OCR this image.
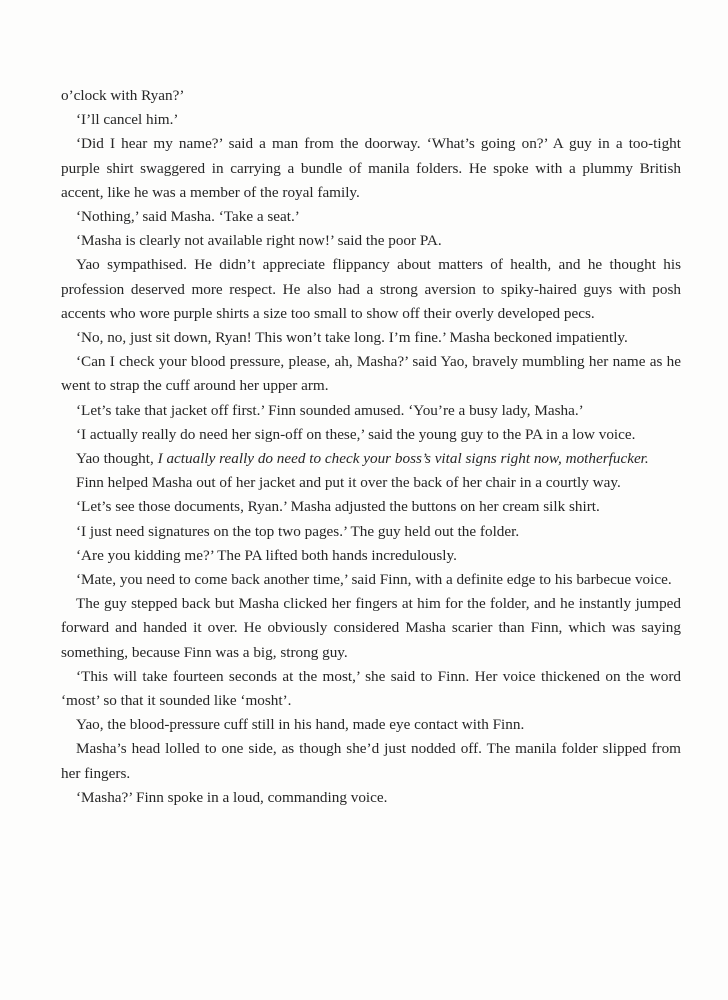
o’clock with Ryan?’

‘I’ll cancel him.’

‘Did I hear my name?’ said a man from the doorway. ‘What’s going on?’ A guy in a too-tight purple shirt swaggered in carrying a bundle of manila folders. He spoke with a plummy British accent, like he was a member of the royal family.

‘Nothing,’ said Masha. ‘Take a seat.’

‘Masha is clearly not available right now!’ said the poor PA.

Yao sympathised. He didn’t appreciate flippancy about matters of health, and he thought his profession deserved more respect. He also had a strong aversion to spiky-haired guys with posh accents who wore purple shirts a size too small to show off their overly developed pecs.

‘No, no, just sit down, Ryan! This won’t take long. I’m fine.’ Masha beckoned impatiently.

‘Can I check your blood pressure, please, ah, Masha?’ said Yao, bravely mumbling her name as he went to strap the cuff around her upper arm.

‘Let’s take that jacket off first.’ Finn sounded amused. ‘You’re a busy lady, Masha.’

‘I actually really do need her sign-off on these,’ said the young guy to the PA in a low voice.

Yao thought, I actually really do need to check your boss’s vital signs right now, motherfucker.

Finn helped Masha out of her jacket and put it over the back of her chair in a courtly way.

‘Let’s see those documents, Ryan.’ Masha adjusted the buttons on her cream silk shirt.

‘I just need signatures on the top two pages.’ The guy held out the folder.

‘Are you kidding me?’ The PA lifted both hands incredulously.

‘Mate, you need to come back another time,’ said Finn, with a definite edge to his barbecue voice.

The guy stepped back but Masha clicked her fingers at him for the folder, and he instantly jumped forward and handed it over. He obviously considered Masha scarier than Finn, which was saying something, because Finn was a big, strong guy.

‘This will take fourteen seconds at the most,’ she said to Finn. Her voice thickened on the word ‘most’ so that it sounded like ‘mosht’.

Yao, the blood-pressure cuff still in his hand, made eye contact with Finn.

Masha’s head lolled to one side, as though she’d just nodded off. The manila folder slipped from her fingers.

‘Masha?’ Finn spoke in a loud, commanding voice.
